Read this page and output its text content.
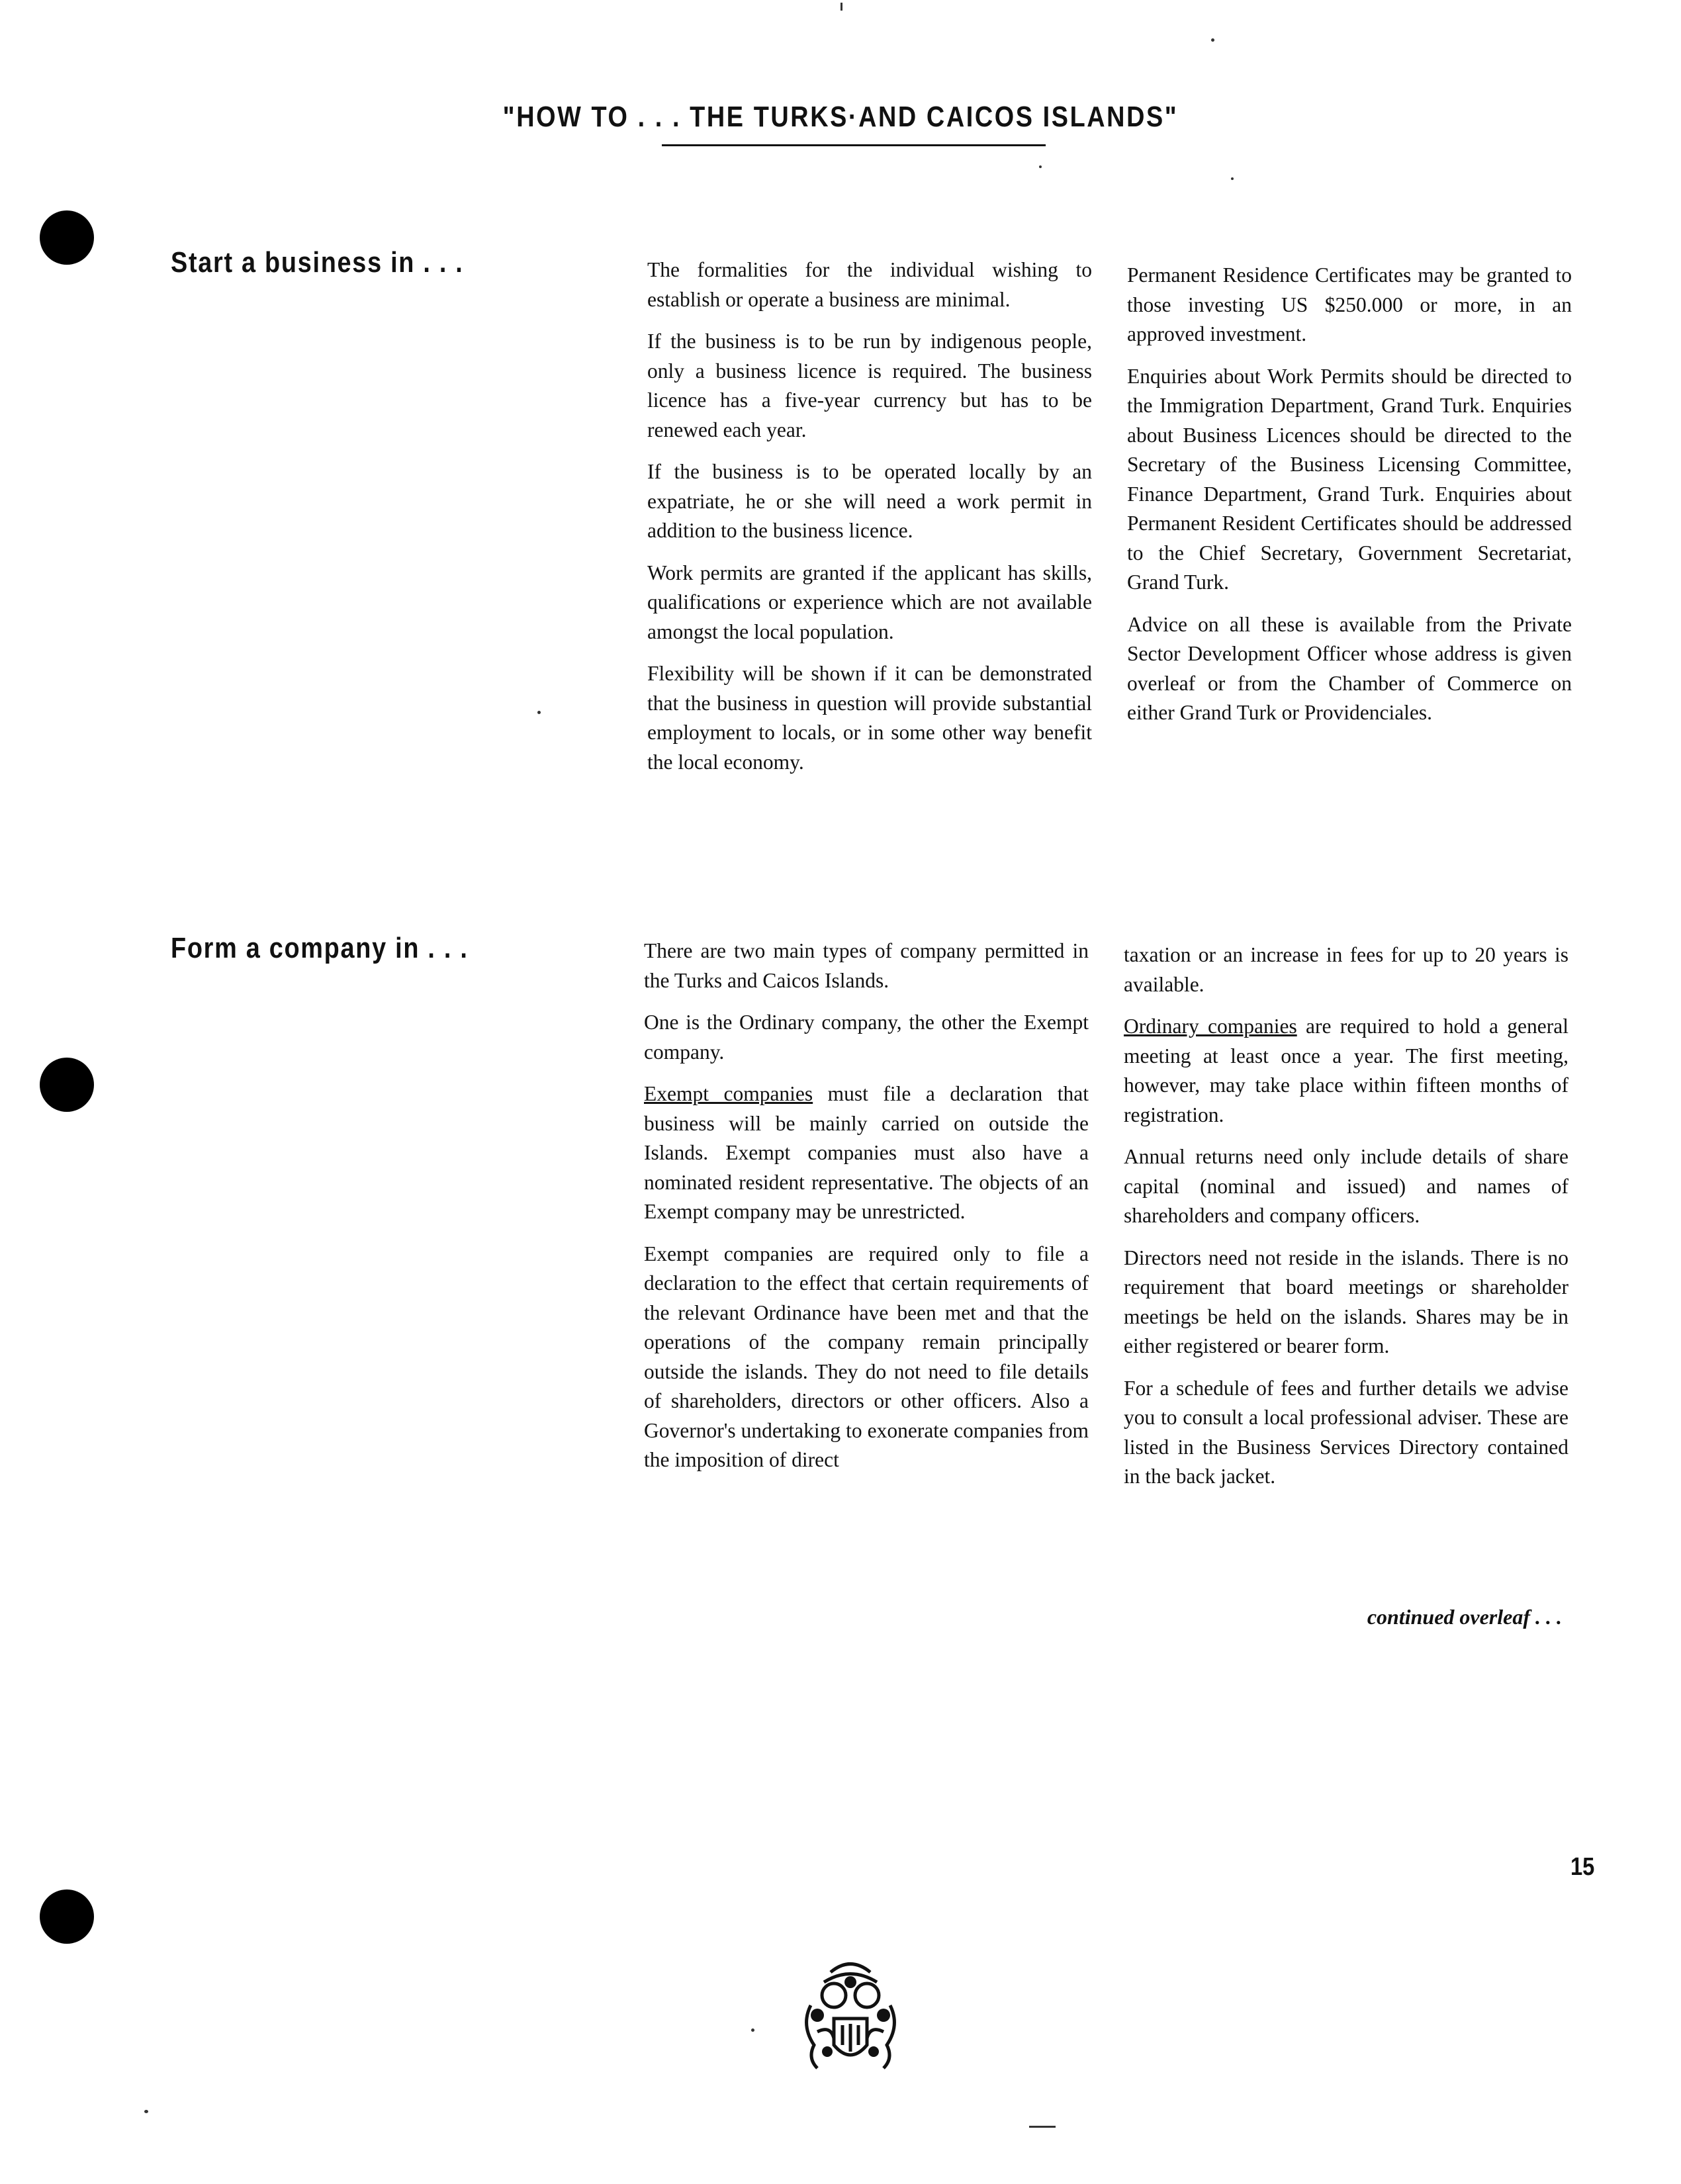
"HOW TO . . . THE TURKS·AND CAICOS ISLANDS"
Start a business in . . .	The formalities for the individual wishing to establish or operate a business are minimal.

If the business is to be run by indigenous people, only a business licence is required. The business licence has a five-year currency but has to be renewed each year.

If the business is to be operated locally by an expatriate, he or she will need a work permit in addition to the business licence.

Work permits are granted if the applicant has skills, qualifications or experience which are not available amongst the local population.

Flexibility will be shown if it can be demonstrated that the business in question will provide substantial employment to locals, or in some other way benefit the local economy.

Permanent Residence Certificates may be granted to those investing US $250.000 or more, in an approved investment.

Enquiries about Work Permits should be directed to the Immigration Department, Grand Turk. Enquiries about Business Licences should be directed to the Secretary of the Business Licensing Committee, Finance Department, Grand Turk. Enquiries about Permanent Resident Certificates should be addressed to the Chief Secretary, Government Secretariat, Grand Turk.

Advice on all these is available from the Private Sector Development Officer whose address is given overleaf or from the Chamber of Commerce on either Grand Turk or Providenciales.

Form a company in . . .	There are two main types of company permitted in the Turks and Caicos Islands.

One is the Ordinary company, the other the Exempt company.

Exempt companies must file a declaration that business will be mainly carried on outside the Islands. Exempt companies must also have a nominated resident representative. The objects of an Exempt company may be unrestricted.

Exempt companies are required only to file a declaration to the effect that certain requirements of the relevant Ordinance have been met and that the operations of the company remain principally outside the islands. They do not need to file details of shareholders, directors or other officers. Also a Governor's undertaking to exonerate companies from the imposition of direct

taxation or an increase in fees for up to 20 years is available.

Ordinary companies are required to hold a general meeting at least once a year. The first meeting, however, may take place within fifteen months of registration.

Annual returns need only include details of share capital (nominal and issued) and names of shareholders and company officers.

Directors need not reside in the islands. There is no requirement that board meetings or shareholder meetings be held on the islands. Shares may be in either registered or bearer form.

For a schedule of fees and further details we advise you to consult a local professional adviser. These are listed in the Business Services Directory contained in the back jacket.

continued overleaf . . .
15
